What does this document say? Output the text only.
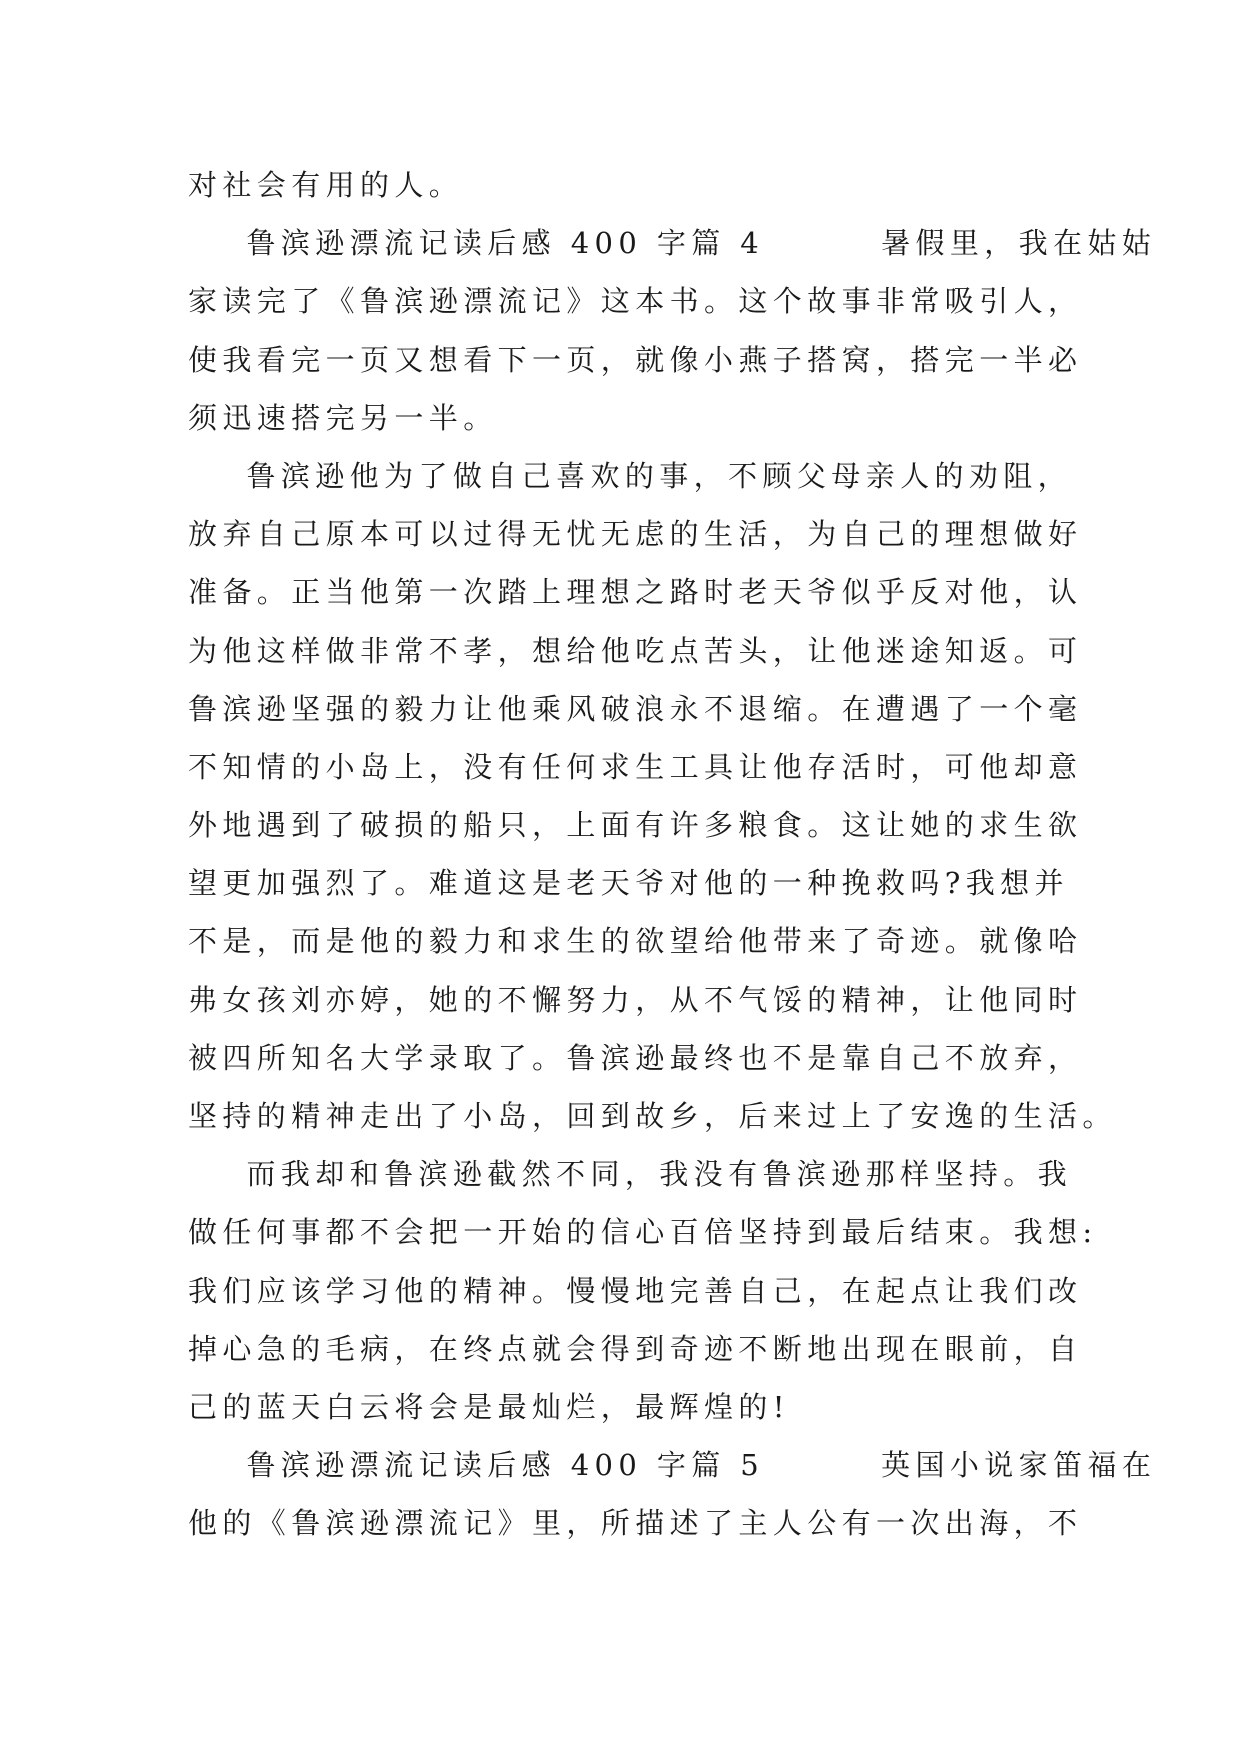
对社会有用的人。
鲁滨逊漂流记读后感 400 字篇 4        暑假里，我在姑姑
家读完了《鲁滨逊漂流记》这本书。这个故事非常吸引人，
使我看完一页又想看下一页，就像小燕子搭窝，搭完一半必
须迅速搭完另一半。
鲁滨逊他为了做自己喜欢的事，不顾父母亲人的劝阻，
放弃自己原本可以过得无忧无虑的生活，为自己的理想做好
准备。正当他第一次踏上理想之路时老天爷似乎反对他，认
为他这样做非常不孝，想给他吃点苦头，让他迷途知返。可
鲁滨逊坚强的毅力让他乘风破浪永不退缩。在遭遇了一个毫
不知情的小岛上，没有任何求生工具让他存活时，可他却意
外地遇到了破损的船只，上面有许多粮食。这让她的求生欲
望更加强烈了。难道这是老天爷对他的一种挽救吗?我想并
不是，而是他的毅力和求生的欲望给他带来了奇迹。就像哈
弗女孩刘亦婷，她的不懈努力，从不气馁的精神，让他同时
被四所知名大学录取了。鲁滨逊最终也不是靠自己不放弃，
坚持的精神走出了小岛，回到故乡，后来过上了安逸的生活。
而我却和鲁滨逊截然不同，我没有鲁滨逊那样坚持。我
做任何事都不会把一开始的信心百倍坚持到最后结束。我想:
我们应该学习他的精神。慢慢地完善自己，在起点让我们改
掉心急的毛病，在终点就会得到奇迹不断地出现在眼前，自
己的蓝天白云将会是最灿烂，最辉煌的!
鲁滨逊漂流记读后感 400 字篇 5        英国小说家笛福在
他的《鲁滨逊漂流记》里，所描述了主人公有一次出海，不
